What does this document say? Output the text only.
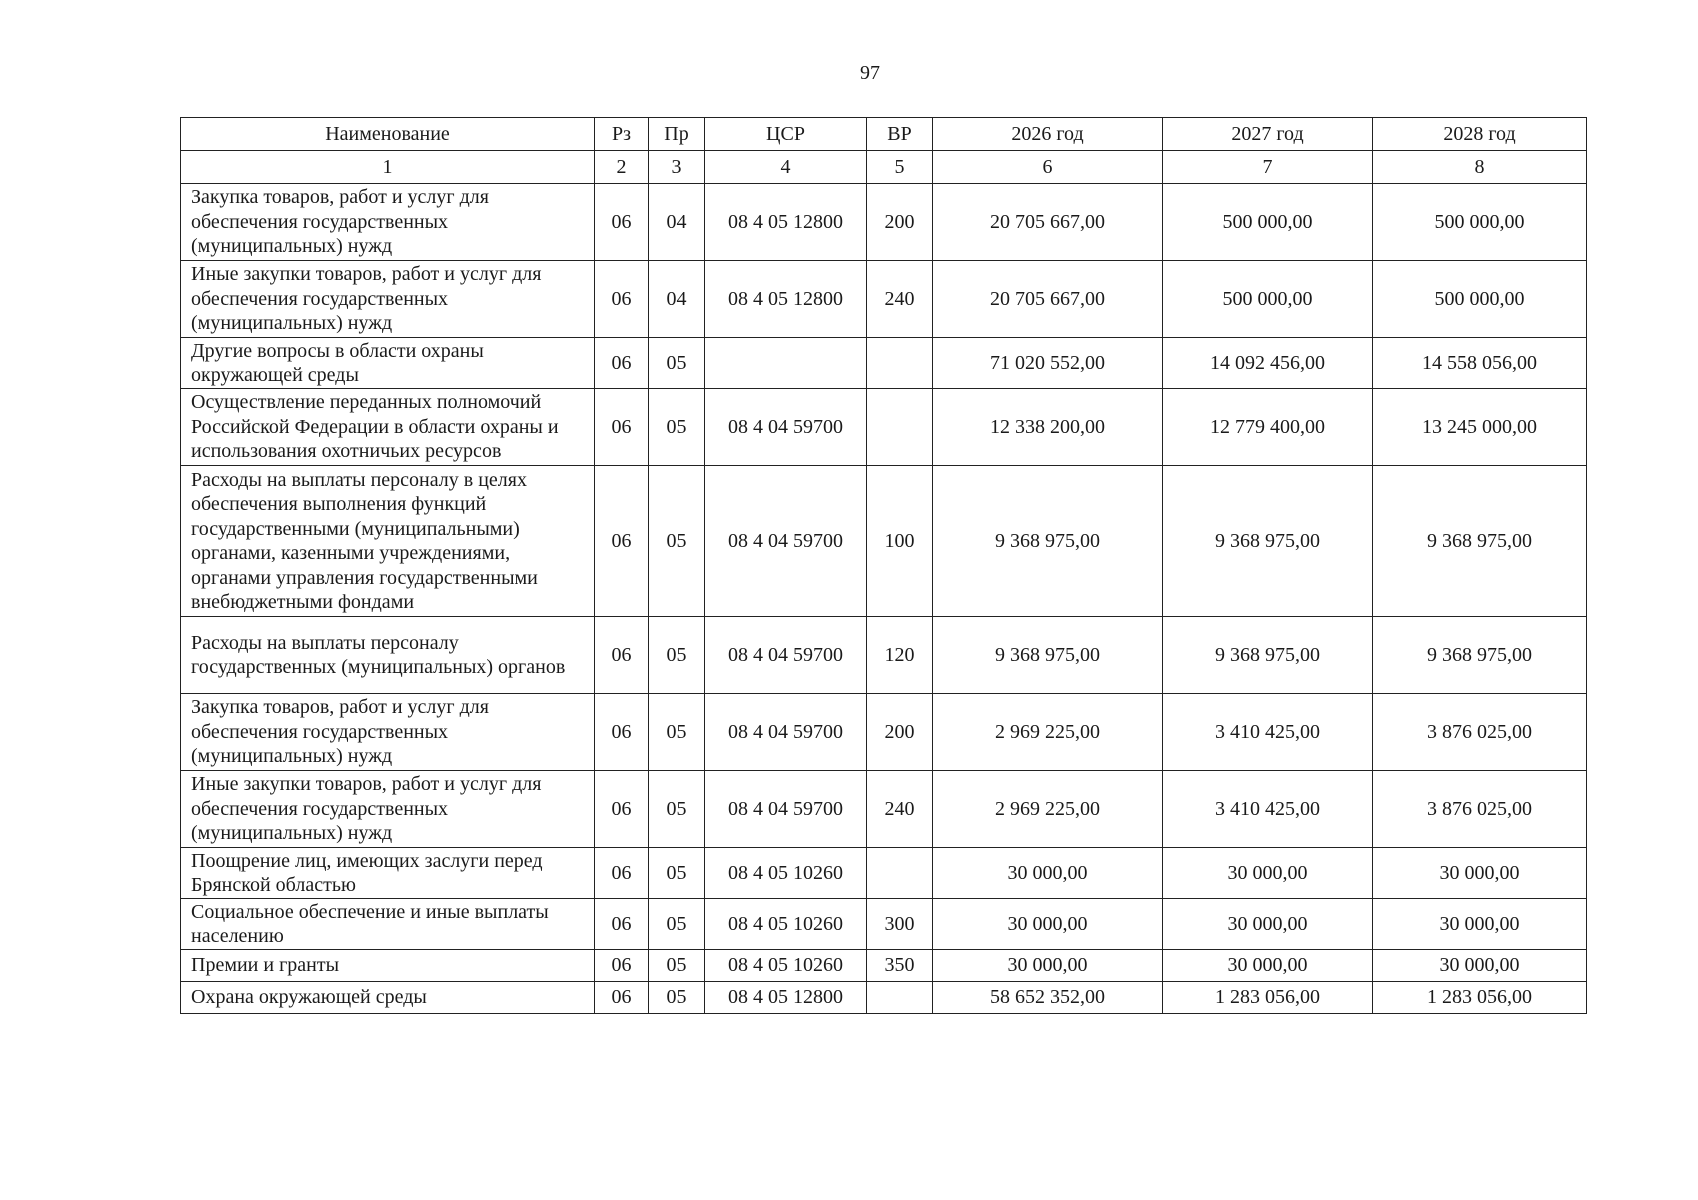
97
Наименование	Рз	Пр	ЦСР	ВР	2026 год	2027 год	2028 год
1	2	3	4	5	6	7	8
Закупка товаров, работ и услуг для обеспечения государственных (муниципальных) нужд	06	04	08 4 05 12800	200	20 705 667,00	500 000,00	500 000,00
Иные закупки товаров, работ и услуг для обеспечения государственных (муниципальных) нужд	06	04	08 4 05 12800	240	20 705 667,00	500 000,00	500 000,00
Другие вопросы в области охраны окружающей среды	06	05			71 020 552,00	14 092 456,00	14 558 056,00
Осуществление переданных полномочий Российской Федерации в области охраны и использования охотничьих ресурсов	06	05	08 4 04 59700		12 338 200,00	12 779 400,00	13 245 000,00
Расходы на выплаты персоналу в целях обеспечения выполнения функций государственными (муниципальными) органами, казенными учреждениями, органами управления государственными внебюджетными фондами	06	05	08 4 04 59700	100	9 368 975,00	9 368 975,00	9 368 975,00
Расходы на выплаты персоналу государственных (муниципальных) органов	06	05	08 4 04 59700	120	9 368 975,00	9 368 975,00	9 368 975,00
Закупка товаров, работ и услуг для обеспечения государственных (муниципальных) нужд	06	05	08 4 04 59700	200	2 969 225,00	3 410 425,00	3 876 025,00
Иные закупки товаров, работ и услуг для обеспечения государственных (муниципальных) нужд	06	05	08 4 04 59700	240	2 969 225,00	3 410 425,00	3 876 025,00
Поощрение лиц, имеющих заслуги перед Брянской областью	06	05	08 4 05 10260		30 000,00	30 000,00	30 000,00
Социальное обеспечение и иные выплаты населению	06	05	08 4 05 10260	300	30 000,00	30 000,00	30 000,00
Премии и гранты	06	05	08 4 05 10260	350	30 000,00	30 000,00	30 000,00
Охрана окружающей среды	06	05	08 4 05 12800		58 652 352,00	1 283 056,00	1 283 056,00
